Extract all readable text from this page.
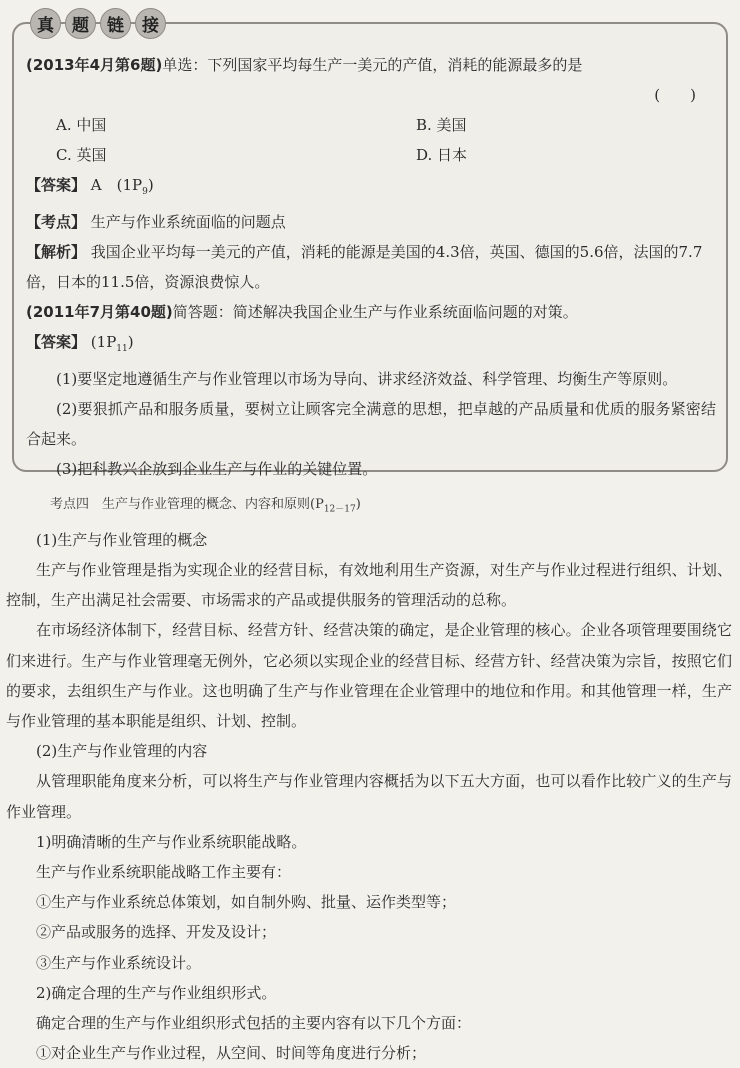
真	题	链	接
(2013年4月第6题)单选：下列国家平均每生产一美元的产值，消耗的能源最多的是
(　　)
A. 中国	B. 美国
C. 英国	D. 日本
【答案】 A　$(1P_9)$
【考点】 生产与作业系统面临的问题点
【解析】 我国企业平均每一美元的产值，消耗的能源是美国的4.3倍，英国、德国的5.6倍，法国的7.7倍，日本的11.5倍，资源浪费惊人。
(2011年7月第40题)简答题：简述解决我国企业生产与作业系统面临问题的对策。
【答案】 $(1P_{11})$
(1)要坚定地遵循生产与作业管理以市场为导向、讲求经济效益、科学管理、均衡生产等原则。
(2)要狠抓产品和服务质量，要树立让顾客完全满意的思想，把卓越的产品质量和优质的服务紧密结合起来。
(3)把科教兴企放到企业生产与作业的关键位置。

考点四　生产与作业管理的概念、内容和原则$(P_{12-17})$

(1)生产与作业管理的概念

生产与作业管理是指为实现企业的经营目标，有效地利用生产资源，对生产与作业过程进行组织、计划、控制，生产出满足社会需要、市场需求的产品或提供服务的管理活动的总称。

在市场经济体制下，经营目标、经营方针、经营决策的确定，是企业管理的核心。企业各项管理要围绕它们来进行。生产与作业管理毫无例外，它必须以实现企业的经营目标、经营方针、经营决策为宗旨，按照它们的要求，去组织生产与作业。这也明确了生产与作业管理在企业管理中的地位和作用。和其他管理一样，生产与作业管理的基本职能是组织、计划、控制。

(2)生产与作业管理的内容

从管理职能角度来分析，可以将生产与作业管理内容概括为以下五大方面，也可以看作比较广义的生产与作业管理。

1)明确清晰的生产与作业系统职能战略。

生产与作业系统职能战略工作主要有：

①生产与作业系统总体策划，如自制外购、批量、运作类型等；

②产品或服务的选择、开发及设计；

③生产与作业系统设计。

2)确定合理的生产与作业组织形式。

确定合理的生产与作业组织形式包括的主要内容有以下几个方面：

①对企业生产与作业过程，从空间、时间等角度进行分析；
